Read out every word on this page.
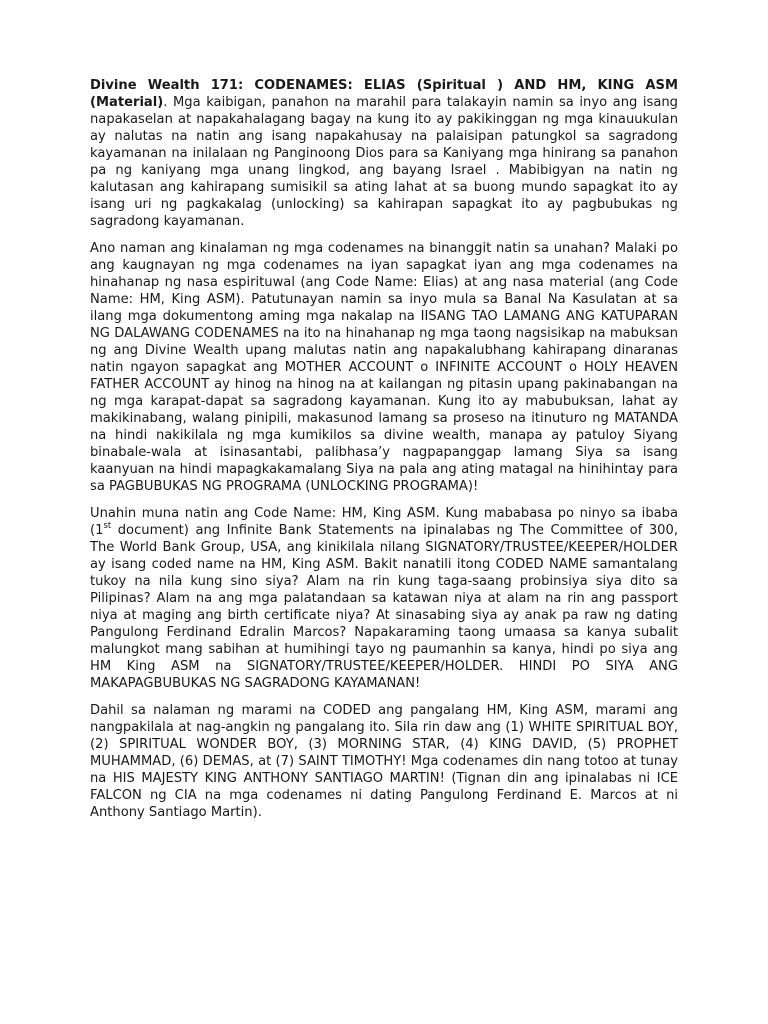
Divine Wealth 171: CODENAMES: ELIAS (Spiritual ) AND HM, KING ASM (Material). Mga kaibigan, panahon na marahil para talakayin namin sa inyo ang isang napakaselan at napakahalagang bagay na kung ito ay pakikinggan ng mga kinauukulan ay nalutas na natin ang isang napakahusay na palaisipan patungkol sa sagradong kayamanan na inilalaan ng Panginoong Dios para sa Kaniyang mga hinirang sa panahon pa ng kaniyang mga unang lingkod, ang bayang Israel . Mabibigyan na natin ng kalutasan ang kahirapang sumisikil sa ating lahat at sa buong mundo sapagkat ito ay isang uri ng pagkakalag (unlocking) sa kahirapan sapagkat ito ay pagbubukas ng sagradong kayamanan.

Ano naman ang kinalaman ng mga codenames na binanggit natin sa unahan? Malaki po ang kaugnayan ng mga codenames na iyan sapagkat iyan ang mga codenames na hinahanap ng nasa espirituwal (ang Code Name: Elias) at ang nasa material (ang Code Name: HM, King ASM). Patutunayan namin sa inyo mula sa Banal Na Kasulatan at sa ilang mga dokumentong aming mga nakalap na IISANG TAO LAMANG ANG KATUPARAN NG DALAWANG CODENAMES na ito na hinahanap ng mga taong nagsisikap na mabuksan ng ang Divine Wealth upang malutas natin ang napakalubhang kahirapang dinaranas natin ngayon sapagkat ang MOTHER ACCOUNT o INFINITE ACCOUNT o HOLY HEAVEN FATHER ACCOUNT ay hinog na hinog na at kailangan ng pitasin upang pakinabangan na ng mga karapat-dapat sa sagradong kayamanan. Kung ito ay mabubuksan, lahat ay makikinabang, walang pinipili, makasunod lamang sa proseso na itinuturo ng MATANDA na hindi nakikilala ng mga kumikilos sa divine wealth, manapa ay patuloy Siyang binabale-wala at isinasantabi, palibhasa’y nagpapanggap lamang Siya sa isang kaanyuan na hindi mapagkakamalang Siya na pala ang ating matagal na hinihintay para sa PAGBUBUKAS NG PROGRAMA (UNLOCKING PROGRAMA)!

Unahin muna natin ang Code Name: HM, King ASM. Kung mababasa po ninyo sa ibaba (1st document) ang Infinite Bank Statements na ipinalabas ng The Committee of 300, The World Bank Group, USA, ang kinikilala nilang SIGNATORY/TRUSTEE/KEEPER/HOLDER ay isang coded name na HM, King ASM. Bakit nanatili itong CODED NAME samantalang tukoy na nila kung sino siya? Alam na rin kung taga-saang probinsiya siya dito sa Pilipinas? Alam na ang mga palatandaan sa katawan niya at alam na rin ang passport niya at maging ang birth certificate niya? At sinasabing siya ay anak pa raw ng dating Pangulong Ferdinand Edralin Marcos? Napakaraming taong umaasa sa kanya subalit malungkot mang sabihan at humihingi tayo ng paumanhin sa kanya, hindi po siya ang HM King ASM na SIGNATORY/TRUSTEE/KEEPER/HOLDER. HINDI PO SIYA ANG MAKAPAGBUBUKAS NG SAGRADONG KAYAMANAN!

Dahil sa nalaman ng marami na CODED ang pangalang HM, King ASM, marami ang nangpakilala at nag-angkin ng pangalang ito. Sila rin daw ang (1) WHITE SPIRITUAL BOY, (2) SPIRITUAL WONDER BOY, (3) MORNING STAR, (4) KING DAVID, (5) PROPHET MUHAMMAD, (6) DEMAS, at (7) SAINT TIMOTHY! Mga codenames din nang totoo at tunay na HIS MAJESTY KING ANTHONY SANTIAGO MARTIN! (Tignan din ang ipinalabas ni ICE FALCON ng CIA na mga codenames ni dating Pangulong Ferdinand E. Marcos at ni Anthony Santiago Martin).
